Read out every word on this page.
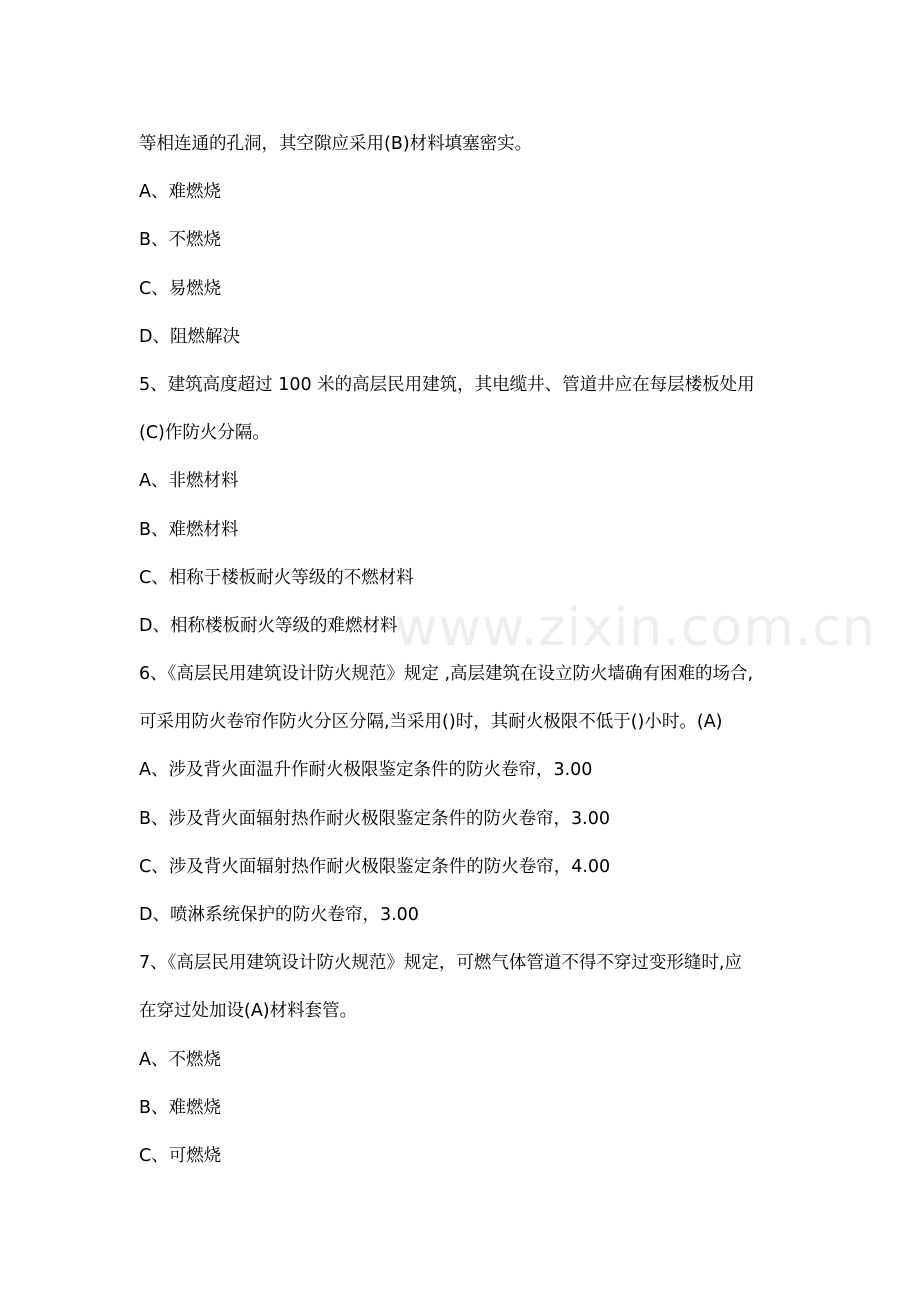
等相连通的孔洞，其空隙应采用(B)材料填塞密实。
A、难燃烧
B、不燃烧
C、易燃烧
D、阻燃解决
5、建筑高度超过 100 米的高层民用建筑，其电缆井、管道井应在每层楼板处用
(C)作防火分隔。
A、非燃材料
B、难燃材料
C、相称于楼板耐火等级的不燃材料
D、相称楼板耐火等级的难燃材料
6、《高层民用建筑设计防火规范》规定 ,高层建筑在设立防火墙确有困难的场合,
可采用防火卷帘作防火分区分隔,当采用()时，其耐火极限不低于()小时。(A)
A、涉及背火面温升作耐火极限鉴定条件的防火卷帘，3.00
B、涉及背火面辐射热作耐火极限鉴定条件的防火卷帘，3.00
C、涉及背火面辐射热作耐火极限鉴定条件的防火卷帘，4.00
D、喷淋系统保护的防火卷帘，3.00
7、《高层民用建筑设计防火规范》规定，可燃气体管道不得不穿过变形缝时,应
在穿过处加设(A)材料套管。
A、不燃烧
B、难燃烧
C、可燃烧
www.zixin.com.cn
